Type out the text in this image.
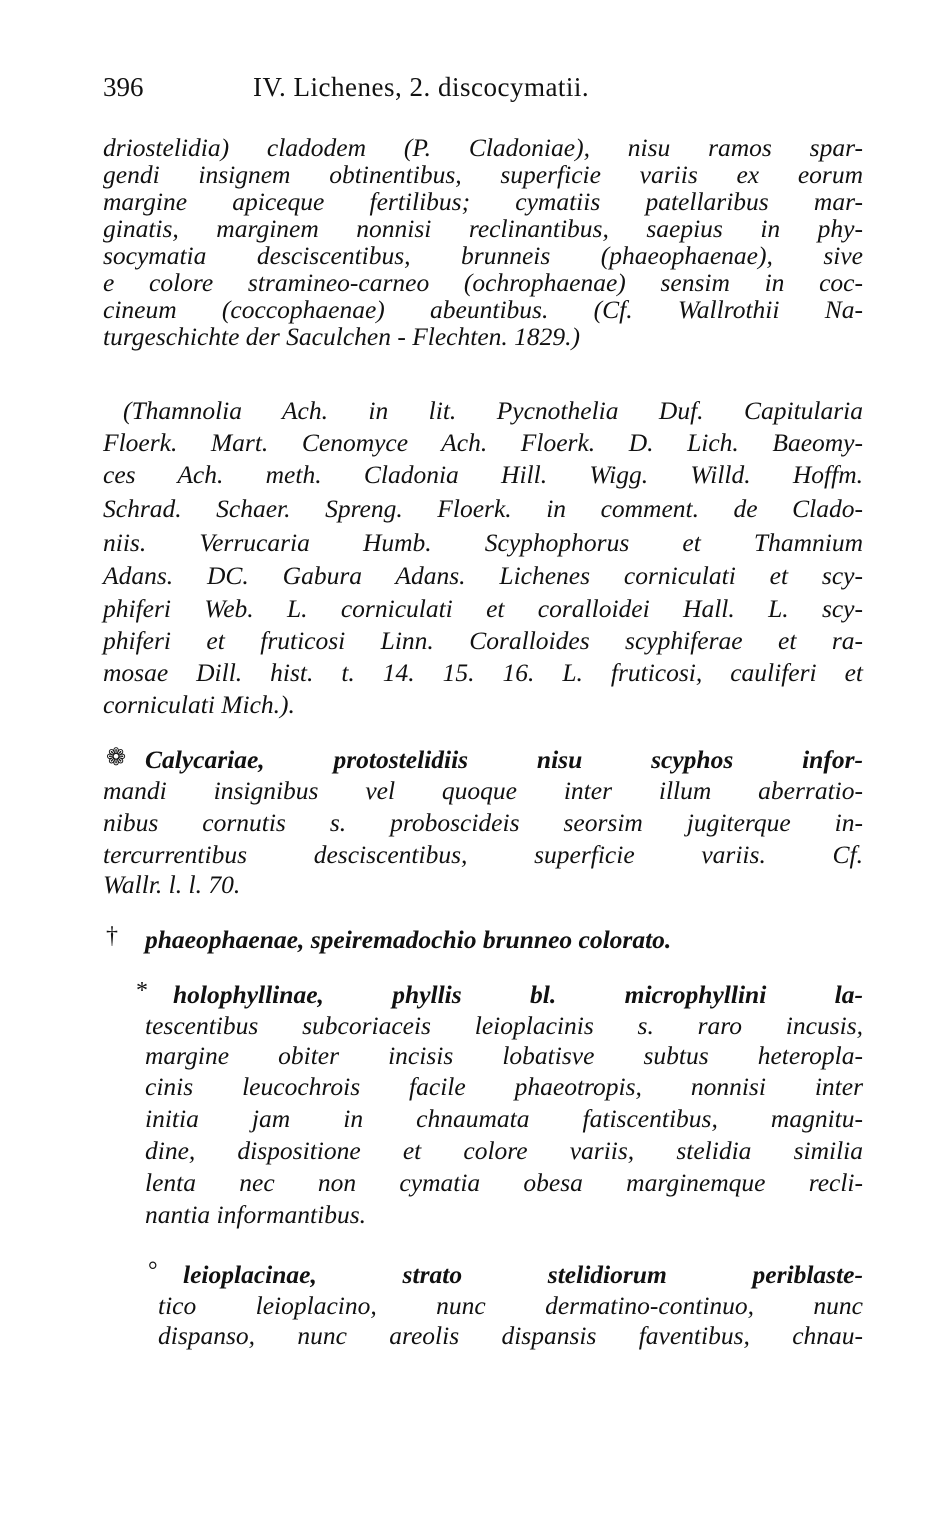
396	IV. Lichenes, 2. discocymatii.
driostelidia) cladodem (P. Cladoniae), nisu ramos spar-
gendi insignem obtinentibus, superficie variis ex eorum
margine apiceque fertilibus; cymatiis patellaribus mar-
ginatis, marginem nonnisi reclinantibus, saepius in phy-
socymatia desciscentibus, brunneis (phaeophaenae), sive
e colore stramineo-carneo (ochrophaenae) sensim in coc-
cineum (coccophaenae) abeuntibus. (Cf. Wallrothii Na-
turgeschichte der Saculchen - Flechten. 1829.)
(Thamnolia Ach. in lit. Pycnothelia Duf. Capitularia
Floerk. Mart. Cenomyce Ach. Floerk. D. Lich. Baeomy-
ces Ach. meth. Cladonia Hill. Wigg. Willd. Hoffm.
Schrad. Schaer. Spreng. Floerk. in comment. de Clado-
niis. Verrucaria Humb. Scyphophorus et Thamnium
Adans. DC. Gabura Adans. Lichenes corniculati et scy-
phiferi Web. L. corniculati et coralloidei Hall. L. scy-
phiferi et fruticosi Linn. Coralloides scyphiferae et ra-
mosae Dill. hist. t. 14. 15. 16. L. fruticosi, cauliferi et
corniculati Mich.).
❁ Calycariae, protostelidiis nisu scyphos infor-
mandi insignibus vel quoque inter illum aberratio-
nibus cornutis s. proboscideis seorsim jugiterque in-
tercurrentibus desciscentibus, superficie variis. Cf.
Wallr. l. l. 70.
† phaeophaenae, speiremadochio brunneo colorato.
* holophyllinae, phyllis bl. microphyllini la-
tescentibus subcoriaceis leioplacinis s. raro incusis,
margine obiter incisis lobatisve subtus heteropla-
cinis leucochrois facile phaeotropis, nonnisi inter
initia jam in chnaumata fatiscentibus, magnitu-
dine, dispositione et colore variis, stelidia similia
lenta nec non cymatia obesa marginemque recli-
nantia informantibus.
° leioplacinae, strato stelidiorum periblaste-
tico leioplacino, nunc dermatino-continuo, nunc
dispanso, nunc areolis dispansis faventibus, chnau-
